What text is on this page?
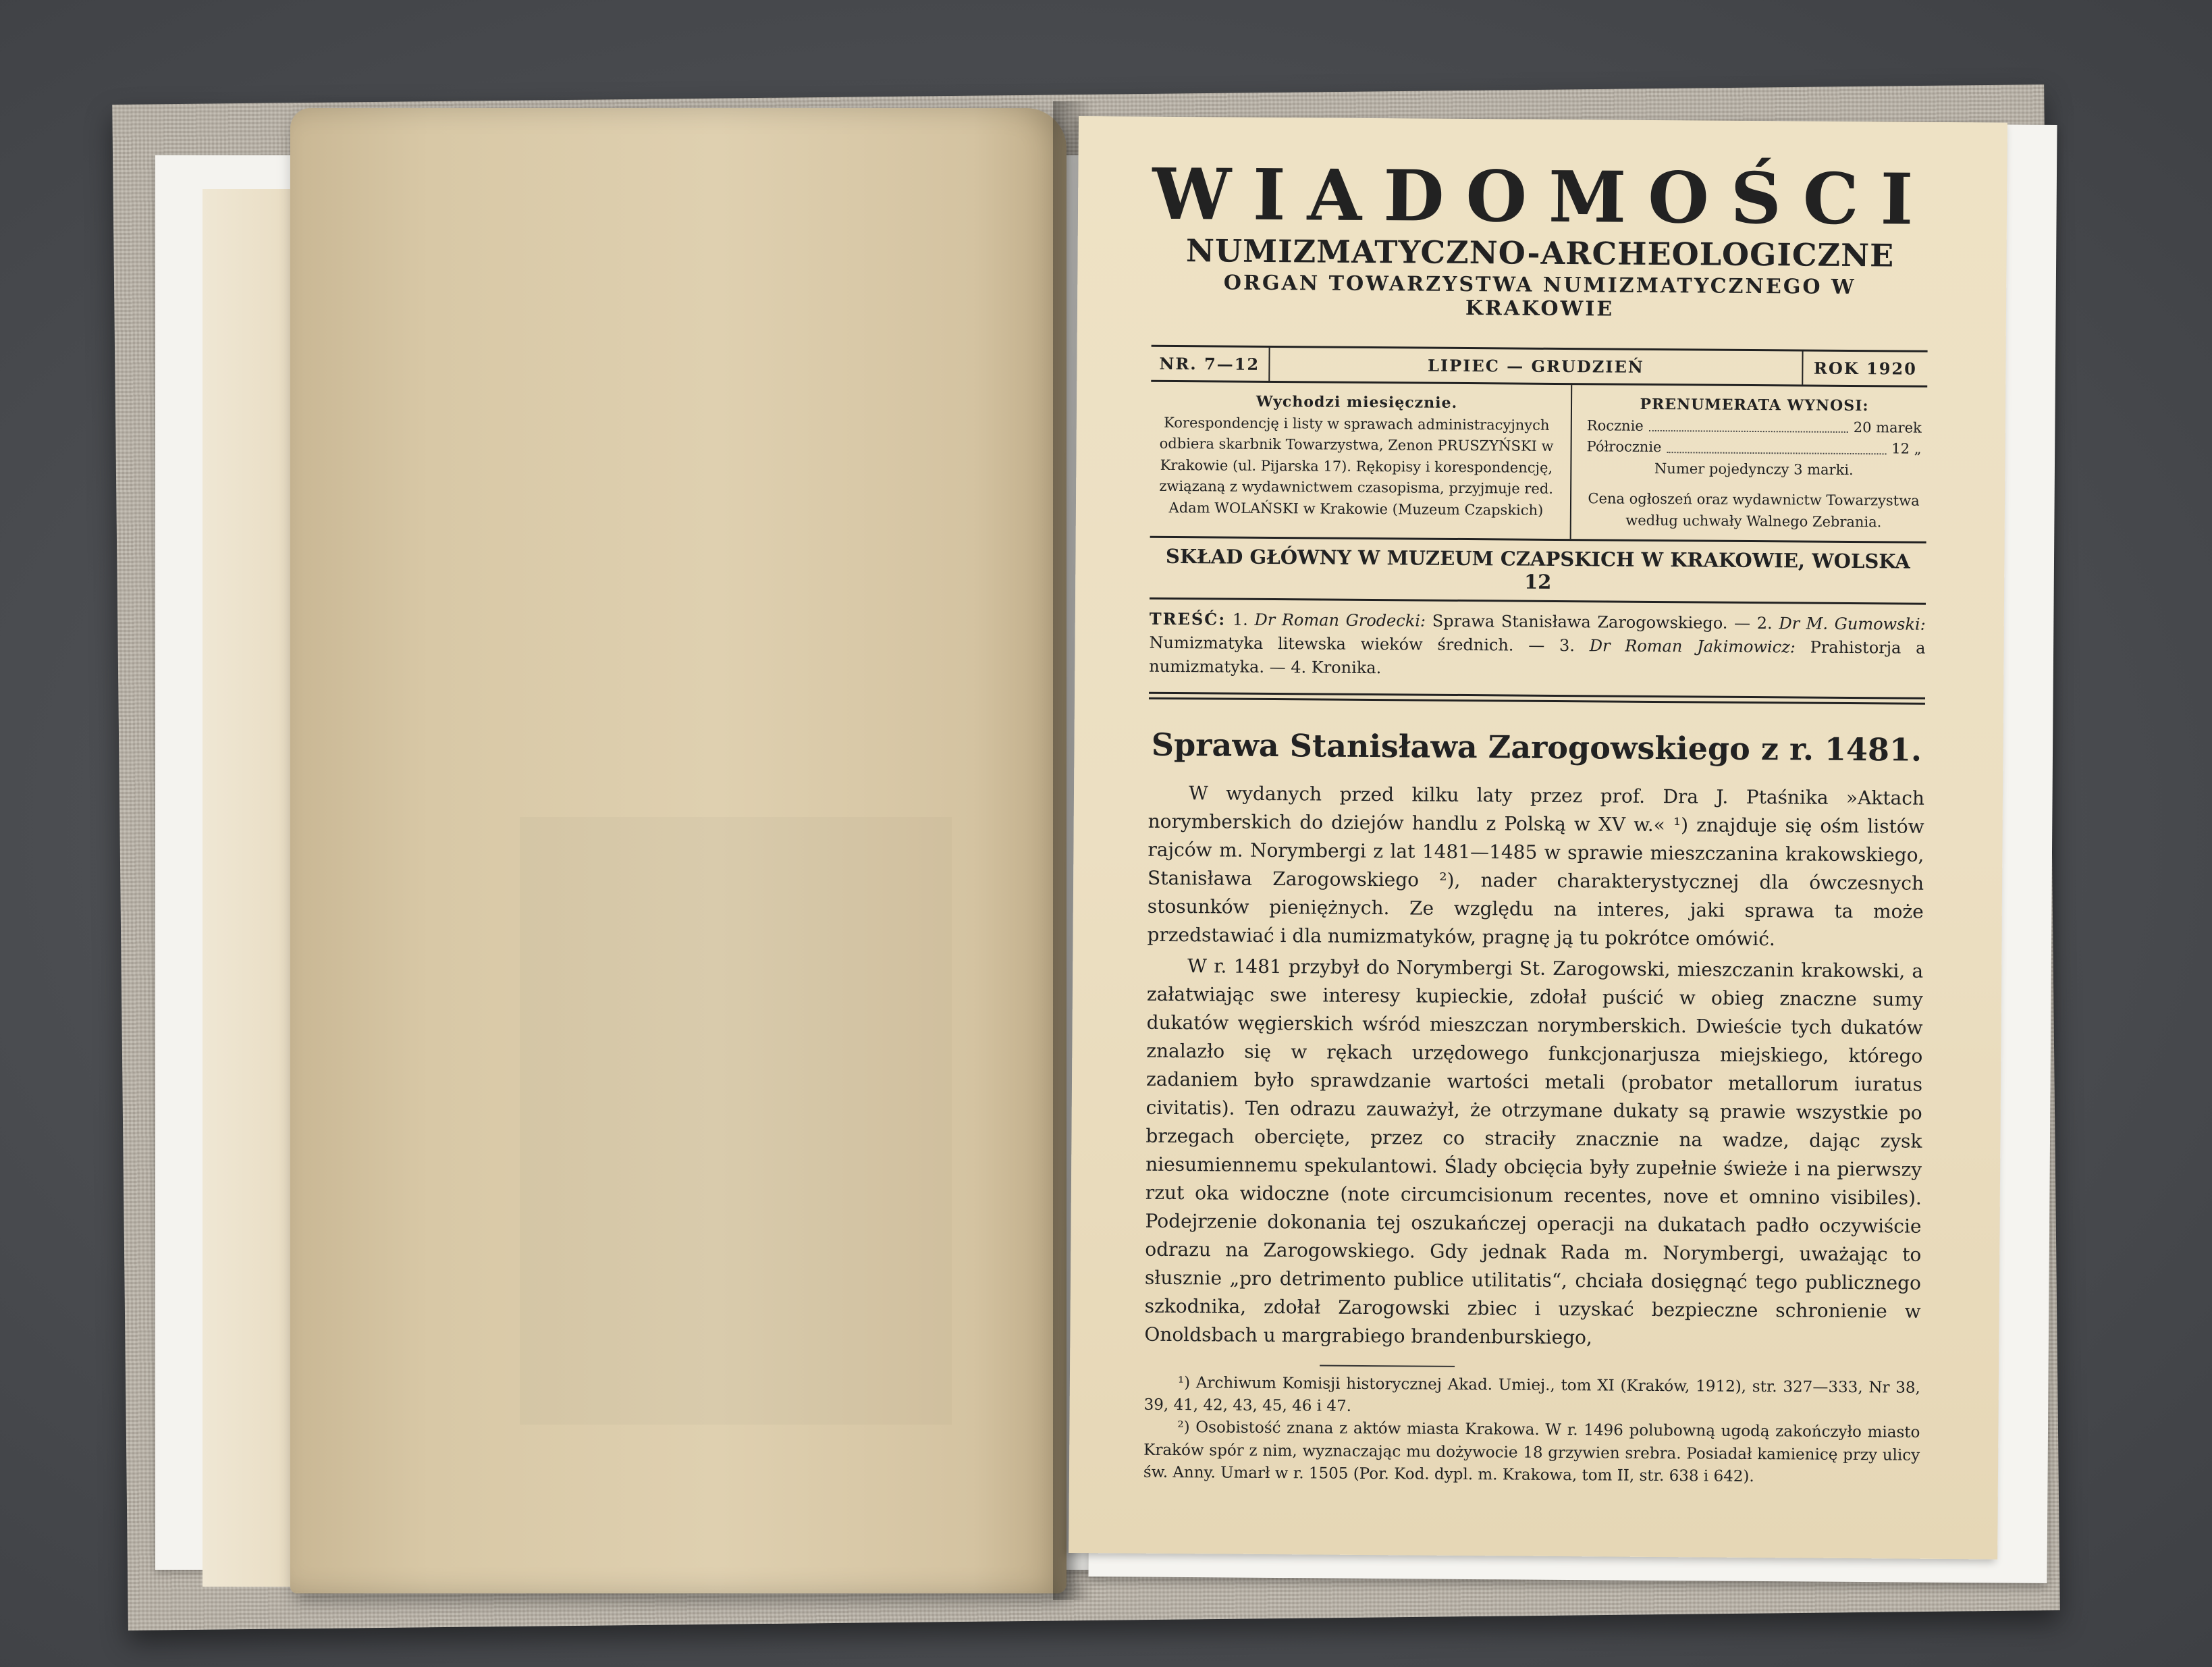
WIADOMOŚCI
NUMIZMATYCZNO-ARCHEOLOGICZNE
ORGAN TOWARZYSTWA NUMIZMATYCZNEGO W KRAKOWIE
NR. 7—12	LIPIEC — GRUDZIEŃ	ROK 1920
Wychodzi miesięcznie.
Korespondencję i listy w sprawach administracyjnych odbiera skarbnik Towarzystwa, Zenon PRUSZYŃSKI w Krakowie (ul. Pijarska 17). Rękopisy i korespondencję, związaną z wydawnictwem czasopisma, przyjmuje red. Adam WOLAŃSKI w Krakowie (Muzeum Czapskich)
PRENUMERATA WYNOSI:
Rocznie	20 marek
Półrocznie	12 „
Numer pojedynczy 3 marki.
Cena ogłoszeń oraz wydawnictw Towarzystwa według uchwały Walnego Zebrania.
SKŁAD GŁÓWNY W MUZEUM CZAPSKICH W KRAKOWIE, WOLSKA 12
TREŚĆ: 1. Dr Roman Grodecki: Sprawa Stanisława Zarogowskiego. — 2. Dr M. Gumowski: Numizmatyka litewska wieków średnich. — 3. Dr Roman Jakimowicz: Prahistorja a numizmatyka. — 4. Kronika.
Sprawa Stanisława Zarogowskiego z r. 1481.

W wydanych przed kilku laty przez prof. Dra J. Ptaśnika »Aktach norymberskich do dziejów handlu z Polską w XV w.« ¹) znajduje się ośm listów rajców m. Norymbergi z lat 1481—1485 w sprawie mieszczanina krakowskiego, Stanisława Zarogowskiego ²), nader charakterystycznej dla ówczesnych stosunków pieniężnych. Ze względu na interes, jaki sprawa ta może przedstawiać i dla numizmatyków, pragnę ją tu pokrótce omówić.

W r. 1481 przybył do Norymbergi St. Zarogowski, mieszczanin krakowski, a załatwiając swe interesy kupieckie, zdołał puścić w obieg znaczne sumy dukatów węgierskich wśród mieszczan norymberskich. Dwieście tych dukatów znalazło się w rękach urzędowego funkcjonarjusza miejskiego, którego zadaniem było sprawdzanie wartości metali (probator metallorum iuratus civitatis). Ten odrazu zauważył, że otrzymane dukaty są prawie wszystkie po brzegach obercięte, przez co straciły znacznie na wadze, dając zysk niesumiennemu spekulantowi. Ślady obcięcia były zupełnie świeże i na pierwszy rzut oka widoczne (note circumcisionum recentes, nove et omnino visibiles). Podejrzenie dokonania tej oszukańczej operacji na dukatach padło oczywiście odrazu na Zarogowskiego. Gdy jednak Rada m. Norymbergi, uważając to słusznie „pro detrimento publice utilitatis“, chciała dosięgnąć tego publicznego szkodnika, zdołał Zarogowski zbiec i uzyskać bezpieczne schronienie w Onoldsbach u margrabiego brandenburskiego,

¹) Archiwum Komisji historycznej Akad. Umiej., tom XI (Kraków, 1912), str. 327—333, Nr 38, 39, 41, 42, 43, 45, 46 i 47.

²) Osobistość znana z aktów miasta Krakowa. W r. 1496 polubowną ugodą zakończyło miasto Kraków spór z nim, wyznaczając mu dożywocie 18 grzywien srebra. Posiadał kamienicę przy ulicy św. Anny. Umarł w r. 1505 (Por. Kod. dypl. m. Krakowa, tom II, str. 638 i 642).
